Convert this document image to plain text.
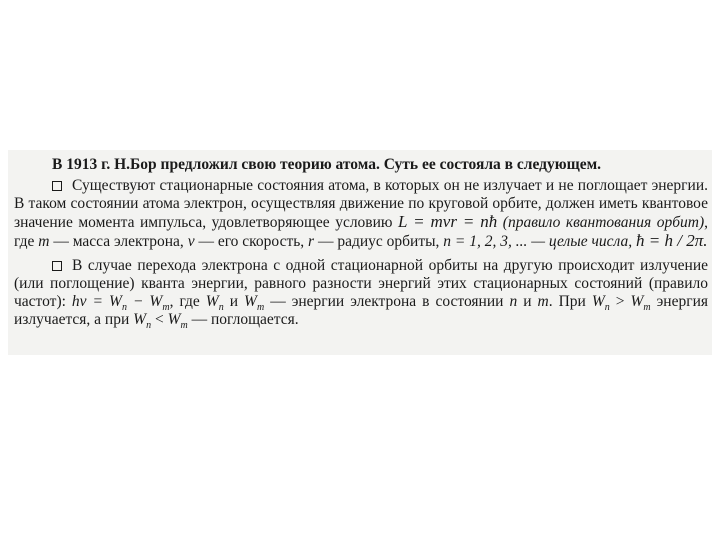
В 1913 г. Н.Бор предложил свою теорию атома. Суть ее состояла в следующем.

Существуют стационарные состояния атома, в которых он не излучает и не поглощает энергии. В таком состоянии атома электрон, осуществляя движение по круговой орбите, должен иметь квантовое значение момента импульса, удовлетворяющее условию L = mvr = nħ (правило квантования орбит), где m — масса электрона, v — его скорость, r — радиус орбиты, n = 1, 2, 3, ... — целые числа, ħ = h / 2π.

В случае перехода электрона с одной стационарной орбиты на другую происходит излучение (или поглощение) кванта энергии, равного разности энергий этих стационарных состояний (правило частот): $h\nu = W_n - W_m$, где $W_n$ и $W_m$ — энергии электрона в состоянии n и m. При $W_n > W_m$ энергия излучается, а при $W_n < W_m$ — поглощается.
